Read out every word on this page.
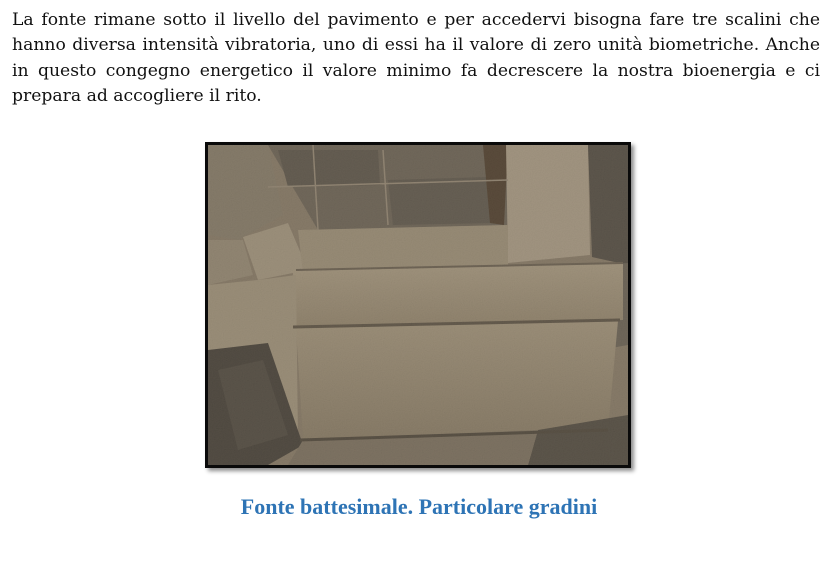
La fonte rimane sotto il livello del pavimento e per accedervi bisogna fare tre scalini che hanno diversa intensità vibratoria, uno di essi ha il valore di zero unità biometriche. Anche in questo congegno energetico il valore minimo fa decrescere la nostra bioenergia e ci prepara ad accogliere il rito.

Fonte battesimale. Particolare gradini
